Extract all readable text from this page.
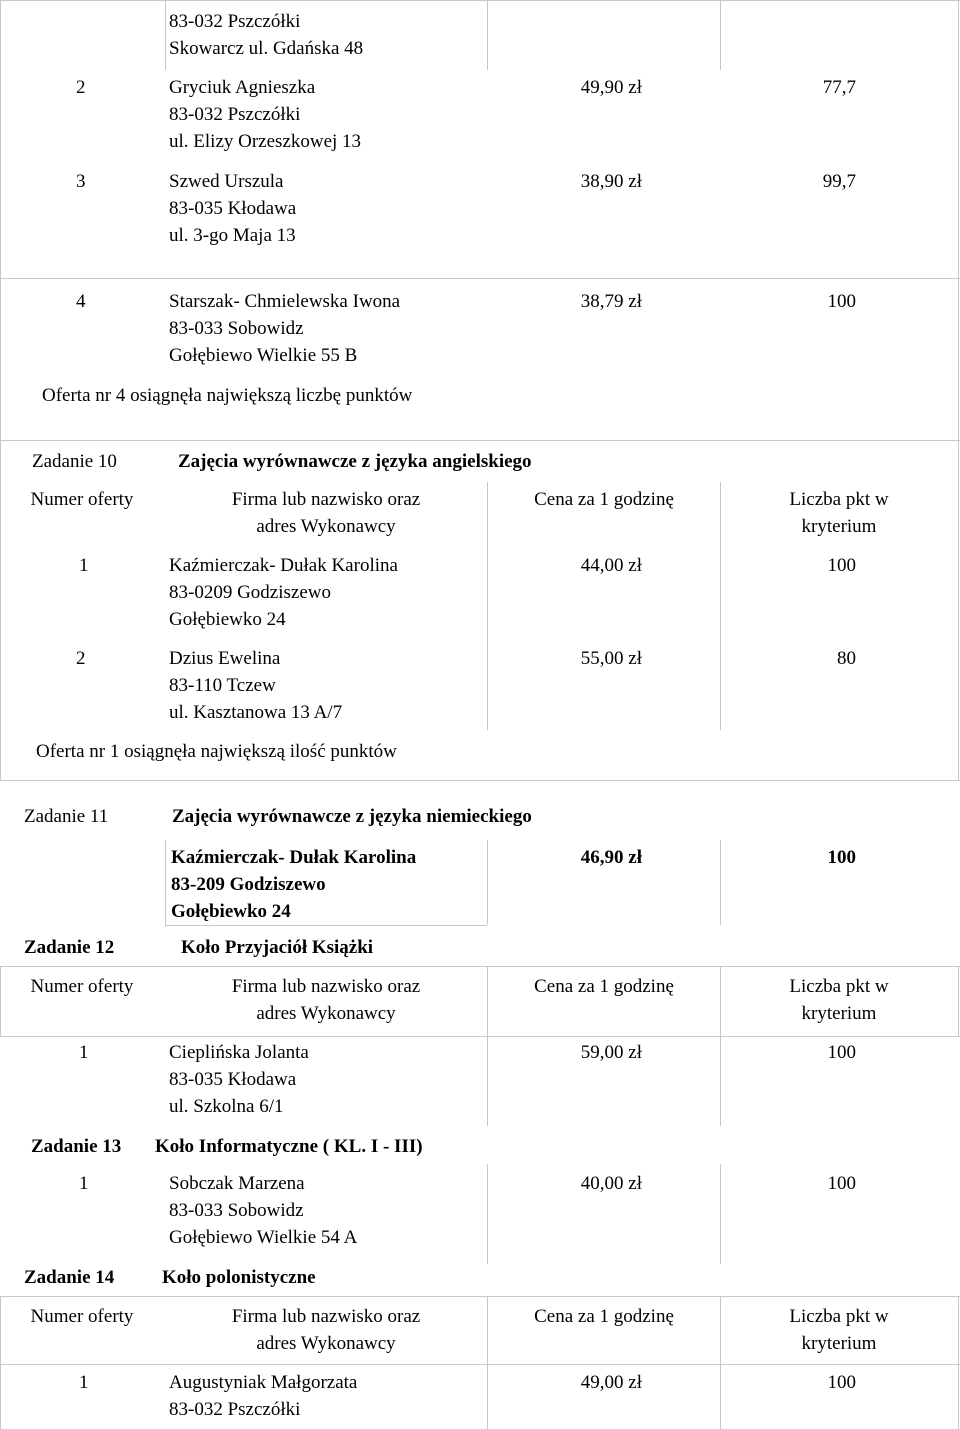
83-032 Pszczółki
Skowarcz ul. Gdańska 48
2	Gryciuk Agnieszka
83-032 Pszczółki
ul. Elizy Orzeszkowej 13
49,90 zł	77,7
3	Szwed Urszula
83-035 Kłodawa
ul. 3-go Maja 13
38,90 zł	99,7
4	Starszak- Chmielewska Iwona
83-033 Sobowidz
Gołębiewo Wielkie 55 B
38,79 zł	100
Oferta nr 4 osiągnęła największą liczbę punktów
Zadanie 10	Zajęcia wyrównawcze z języka angielskiego
Numer oferty	Firma lub nazwisko oraz
adres Wykonawcy
Cena za 1 godzinę	Liczba pkt w
kryterium
1	Kaźmierczak- Dułak Karolina
83-0209 Godziszewo
Gołębiewko 24
44,00 zł	100
2	Dzius Ewelina
83-110 Tczew
ul. Kasztanowa 13 A/7
55,00 zł	80
Oferta nr 1 osiągnęła największą ilość punktów
Zadanie 11	Zajęcia wyrównawcze z języka niemieckiego
Kaźmierczak- Dułak Karolina
83-209 Godziszewo
Gołębiewko 24
46,90 zł	100
Zadanie 12	Koło Przyjaciół Książki
Numer oferty	Firma lub nazwisko oraz
adres Wykonawcy
Cena za 1 godzinę	Liczba pkt w
kryterium
1	Cieplińska Jolanta
83-035 Kłodawa
ul. Szkolna 6/1
59,00 zł	100
Zadanie 13 Koło Informatyczne ( KL. I - III)
1	Sobczak Marzena
83-033 Sobowidz
Gołębiewo Wielkie 54 A
40,00 zł	100
Zadanie 14	Koło polonistyczne
Numer oferty	Firma lub nazwisko oraz
adres Wykonawcy
Cena za 1 godzinę	Liczba pkt w
kryterium
1	Augustyniak Małgorzata
83-032 Pszczółki
49,00 zł	100
